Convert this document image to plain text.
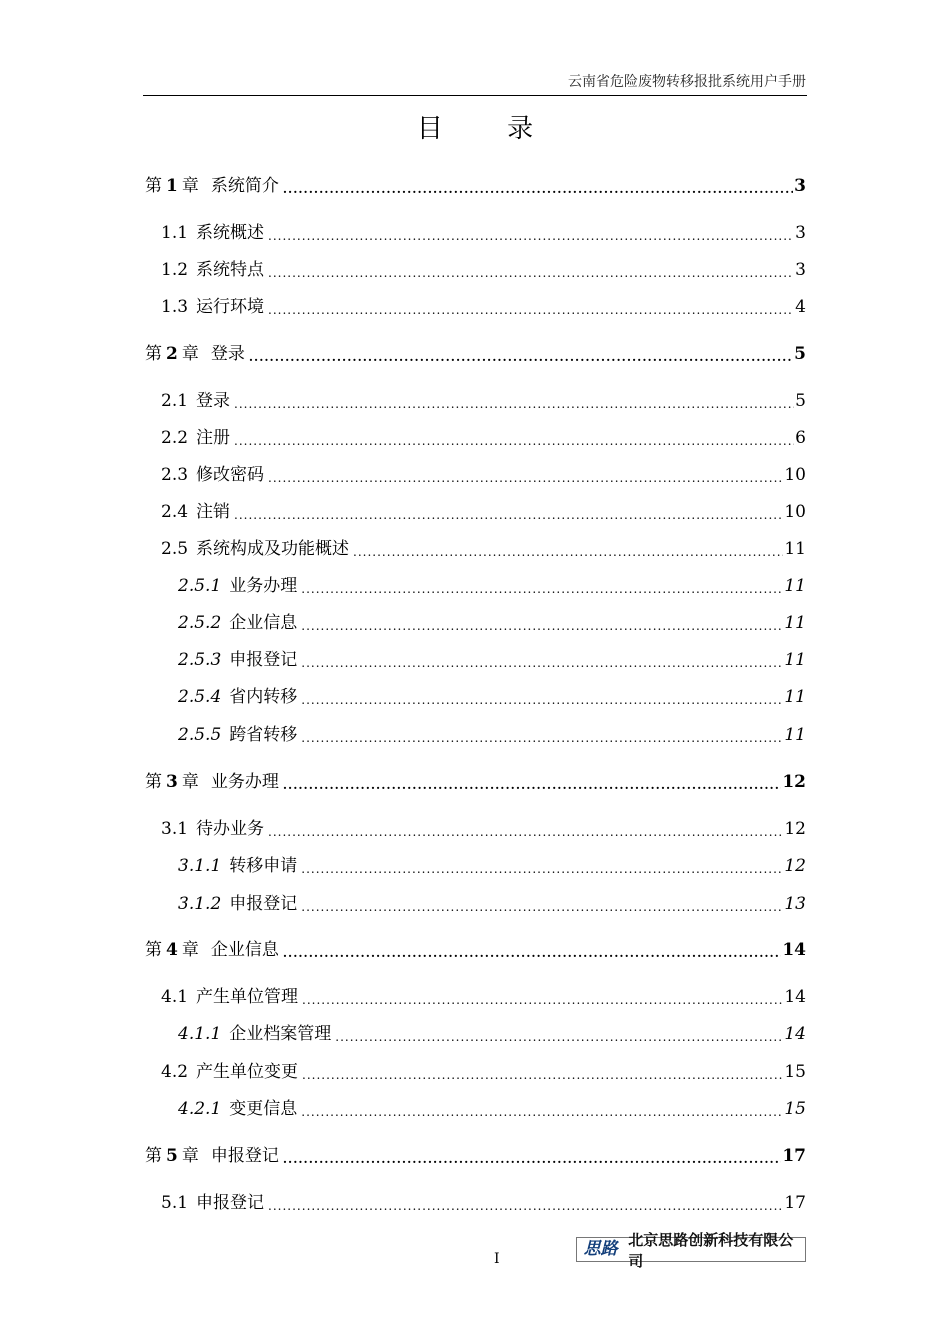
云南省危险废物转移报批系统用户手册
目 录
第 1 章 系统简介 .....	3
1.1 系统概述 .....	3
1.2 系统特点 .....	3
1.3 运行环境 .....	4
第 2 章 登录 .....	5
2.1 登录 .....	5
2.2 注册 .....	6
2.3 修改密码 .....	10
2.4 注销 .....	10
2.5 系统构成及功能概述 .....	11
2.5.1 业务办理 .....	11
2.5.2 企业信息 .....	11
2.5.3 申报登记 .....	11
2.5.4 省内转移 .....	11
2.5.5 跨省转移 .....	11
第 3 章 业务办理 .....	12
3.1 待办业务 .....	12
3.1.1 转移申请 .....	12
3.1.2 申报登记 .....	13
第 4 章 企业信息 .....	14
4.1 产生单位管理 .....	14
4.1.1 企业档案管理 .....	14
4.2 产生单位变更 .....	15
4.2.1 变更信息 .....	15
第 5 章 申报登记 .....	17
5.1 申报登记 .....	17
I	思路 北京思路创新科技有限公司
